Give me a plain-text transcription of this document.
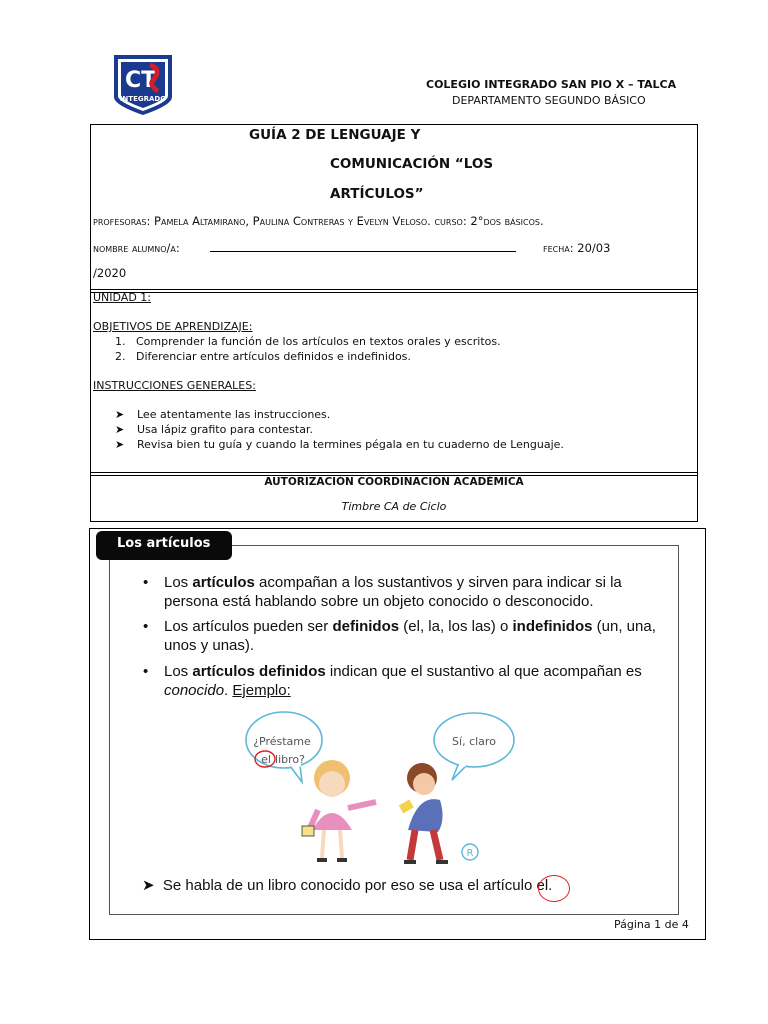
CT
INTEGRADO
COLEGIO INTEGRADO SAN PIO X – TALCA
DEPARTAMENTO SEGUNDO BÁSICO
GUÍA 2 DE LENGUAJE Y
COMUNICACIÓN “LOS
ARTÍCULOS”
profesoras: Pamela Altamirano, Paulina Contreras y Evelyn Veloso. curso: 2°dos básicos.
nombre alumno/a:	fecha: 20/03
/2020
UNIDAD 1:
OBJETIVOS DE APRENDIZAJE:
1. Comprender la función de los artículos en textos orales y escritos.
2. Diferenciar entre artículos definidos e indefinidos.
INSTRUCCIONES GENERALES:
➤ Lee atentamente las instrucciones.
➤ Usa lápiz grafito para contestar.
➤ Revisa bien tu guía y cuando la termines pégala en tu cuaderno de Lenguaje.
AUTORIZACIÓN COORDINACIÓN ACADÉMICA
Timbre CA de Ciclo
Los artículos
• Los artículos acompañan a los sustantivos y sirven para indicar si la persona está hablando sobre un objeto conocido o desconocido.
• Los artículos pueden ser definidos (el, la, los las) o indefinidos (un, una, unos y unas).
• Los artículos definidos indican que el sustantivo al que acompañan es conocido. Ejemplo:
¿Préstame
el libro?
Sí, claro
R
➤ Se habla de un libro conocido por eso se usa el artículo el.
Página 1 de 4
